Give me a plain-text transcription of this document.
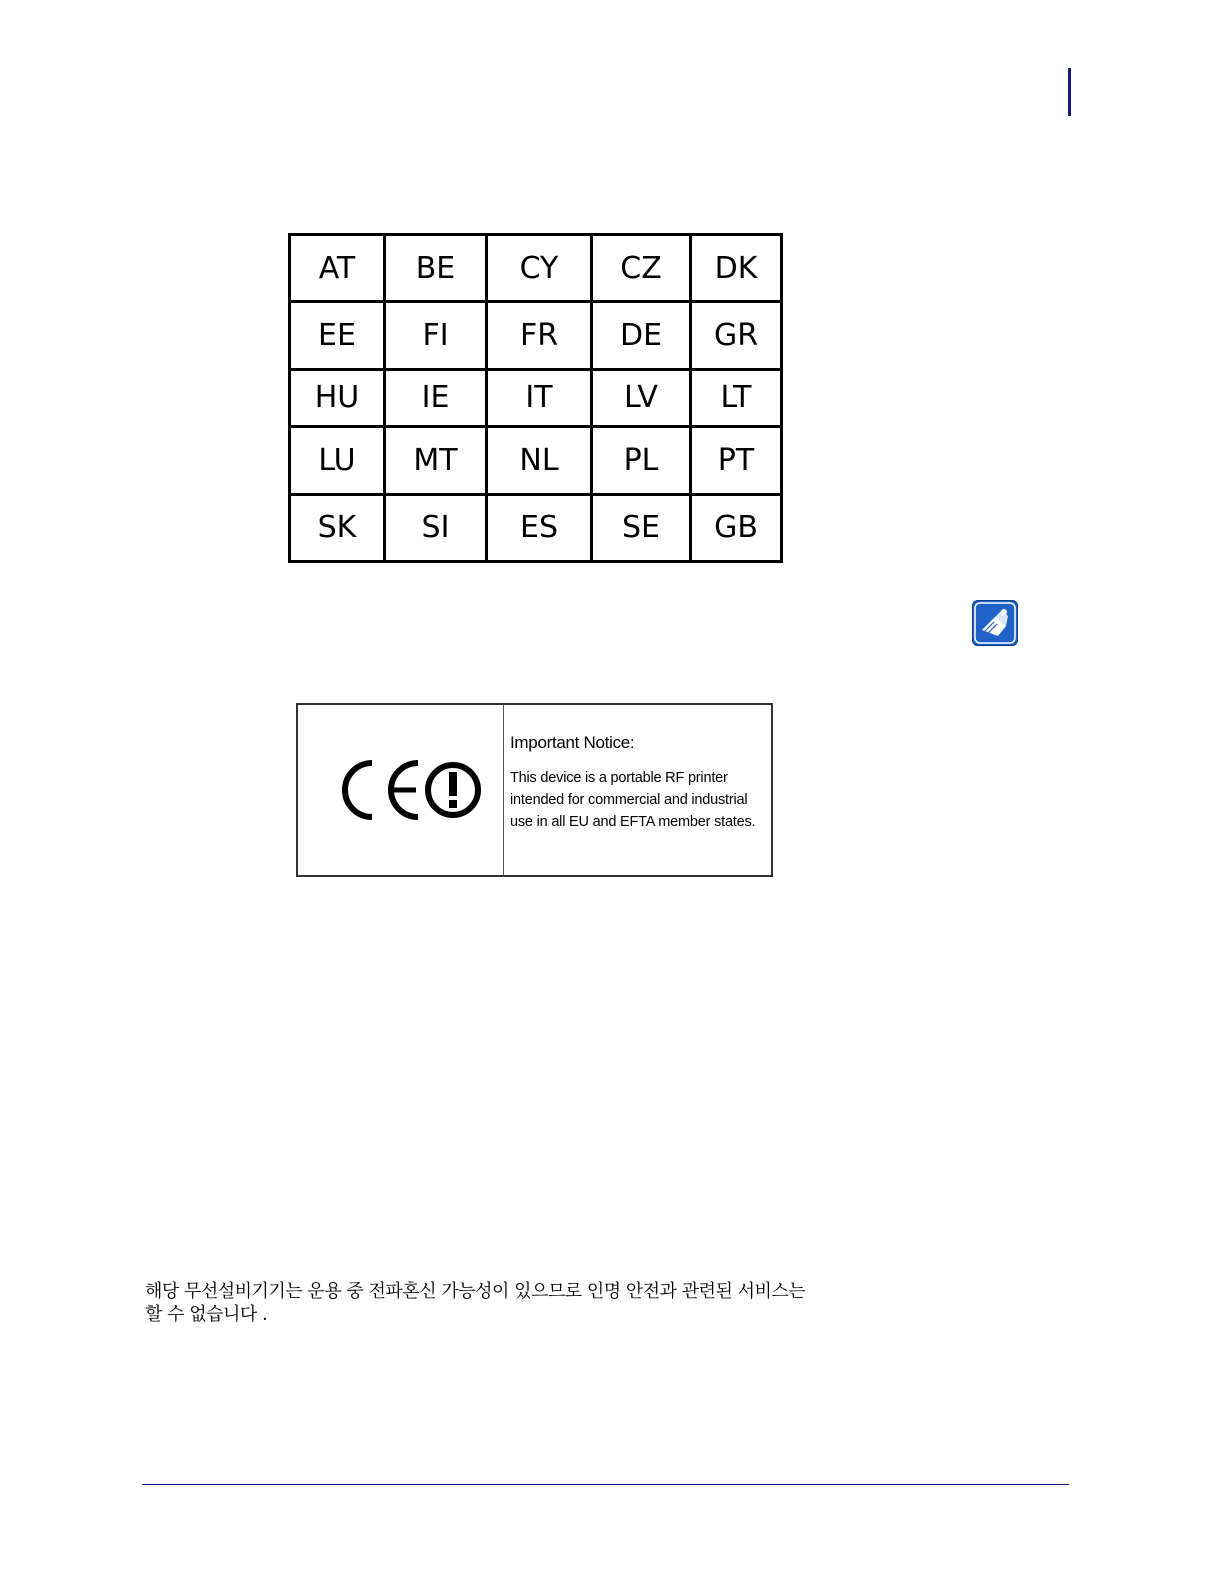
AT	BE	CY	CZ	DK
EE	FI	FR	DE	GR
HU	IE	IT	LV	LT
LU	MT	NL	PL	PT
SK	SI	ES	SE	GB
Important Notice:
This device is a portable RF printer intended for commercial and industrial use in all EU and EFTA member states.
해당 무선설비기기는 운용 중 전파혼신 가능성이 있으므로 인명 안전과 관련된 서비스는
할 수 없습니다 .
